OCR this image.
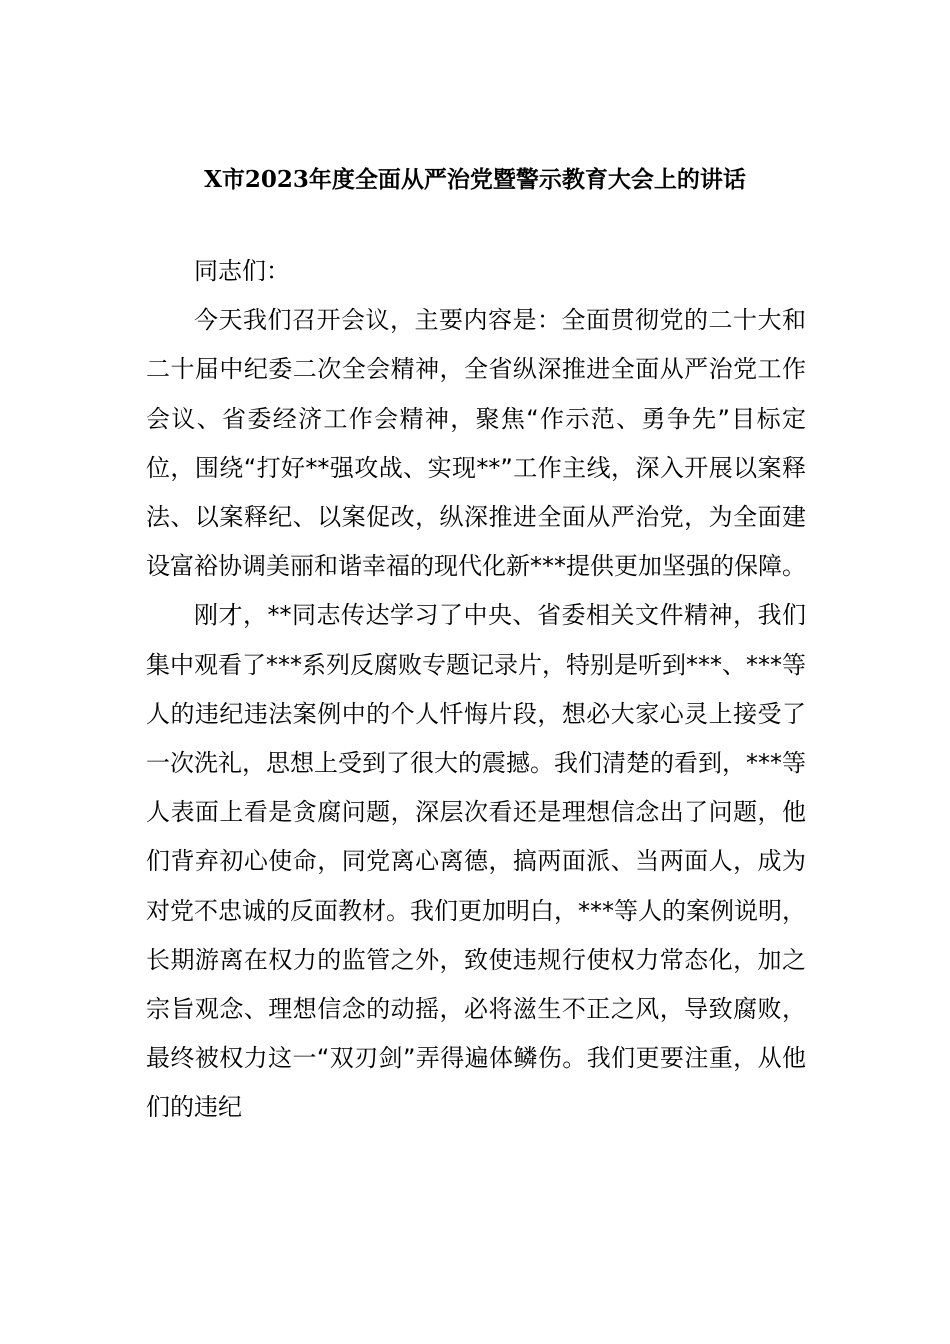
X市2023年度全面从严治党暨警示教育大会上的讲话

同志们：

今天我们召开会议，主要内容是：全面贯彻党的二十大和二十届中纪委二次全会精神，全省纵深推进全面从严治党工作会议、省委经济工作会精神，聚焦“作示范、勇争先”目标定位，围绕“打好**强攻战、实现**”工作主线，深入开展以案释法、以案释纪、以案促改，纵深推进全面从严治党，为全面建设富裕协调美丽和谐幸福的现代化新***提供更加坚强的保障。

刚才，**同志传达学习了中央、省委相关文件精神，我们集中观看了***系列反腐败专题记录片，特别是听到***、***等人的违纪违法案例中的个人忏悔片段，想必大家心灵上接受了一次洗礼，思想上受到了很大的震撼。我们清楚的看到，***等人表面上看是贪腐问题，深层次看还是理想信念出了问题，他们背弃初心使命，同党离心离德，搞两面派、当两面人，成为对党不忠诚的反面教材。我们更加明白，***等人的案例说明，长期游离在权力的监管之外，致使违规行使权力常态化，加之宗旨观念、理想信念的动摇，必将滋生不正之风，导致腐败，最终被权力这一“双刃剑”弄得遍体鳞伤。我们更要注重，从他们的违纪
